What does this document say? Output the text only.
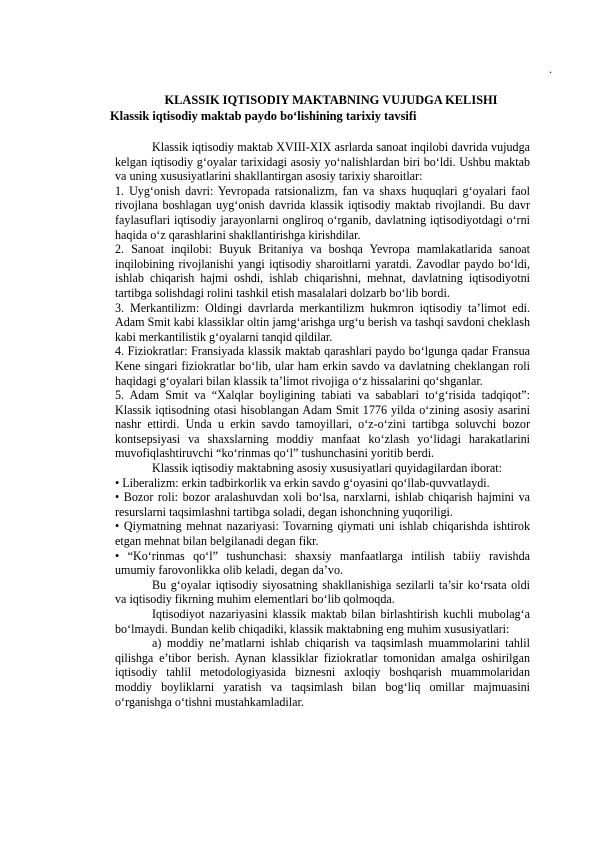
.
KLASSIK IQTISODIY MAKTABNING VUJUDGA KELISHI
Klassik iqtisodiy maktab paydo bo‘lishining tarixiy tavsifi

Klassik iqtisodiy maktab XVIII-XIX asrlarda sanoat inqilobi davrida vujudga kelgan iqtisodiy g‘oyalar tarixidagi asosiy yo‘nalishlardan biri bo‘ldi. Ushbu maktab va uning xususiyatlarini shakllantirgan asosiy tarixiy sharoitlar:

1. Uyg‘onish davri: Yevropada ratsionalizm, fan va shaxs huquqlari g‘oyalari faol rivojlana boshlagan uyg‘onish davrida klassik iqtisodiy maktab rivojlandi. Bu davr faylasuflari iqtisodiy jarayonlarni ongliroq o‘rganib, davlatning iqtisodiyotdagi o‘rni haqida o‘z qarashlarini shakllantirishga kirishdilar.

2. Sanoat inqilobi: Buyuk Britaniya va boshqa Yevropa mamlakatlarida sanoat inqilobining rivojlanishi yangi iqtisodiy sharoitlarni yaratdi. Zavodlar paydo bo‘ldi, ishlab chiqarish hajmi oshdi, ishlab chiqarishni, mehnat, davlatning iqtisodiyotni tartibga solishdagi rolini tashkil etish masalalari dolzarb bo‘lib bordi.

3. Merkantilizm: Oldingi davrlarda merkantilizm hukmron iqtisodiy ta’limot edi. Adam Smit kabi klassiklar oltin jamg‘arishga urg‘u berish va tashqi savdoni cheklash kabi merkantilistik g‘oyalarni tanqid qildilar.

4. Fiziokratlar: Fransiyada klassik maktab qarashlari paydo bo‘lgunga qadar Fransua Kene singari fiziokratlar bo‘lib, ular ham erkin savdo va davlatning cheklangan roli haqidagi g‘oyalari bilan klassik ta’limot rivojiga o‘z hissalarini qo‘shganlar.

5. Adam Smit va “Xalqlar boyligining tabiati va sabablari to‘g‘risida tadqiqot”: Klassik iqtisodning otasi hisoblangan Adam Smit 1776 yilda o‘zining asosiy asarini nashr ettirdi. Unda u erkin savdo tamoyillari, o‘z-o‘zini tartibga soluvchi bozor kontsepsiyasi va shaxslarning moddiy manfaat ko‘zlash yo‘lidagi harakatlarini muvofiqlashtiruvchi “ko‘rinmas qo‘l” tushunchasini yoritib berdi.

Klassik iqtisodiy maktabning asosiy xususiyatlari quyidagilardan iborat:

• Liberalizm: erkin tadbirkorlik va erkin savdo g‘oyasini qo‘llab-quvvatlaydi.

• Bozor roli: bozor aralashuvdan xoli bo‘lsa, narxlarni, ishlab chiqarish hajmini va resurslarni taqsimlashni tartibga soladi, degan ishonchning yuqoriligi.

• Qiymatning mehnat nazariyasi: Tovarning qiymati uni ishlab chiqarishda ishtirok etgan mehnat bilan belgilanadi degan fikr.

• “Ko‘rinmas qo‘l” tushunchasi: shaxsiy manfaatlarga intilish tabiiy ravishda umumiy farovonlikka olib keladi, degan da’vo.

Bu g‘oyalar iqtisodiy siyosatning shakllanishiga sezilarli ta’sir ko‘rsata oldi va iqtisodiy fikrning muhim elementlari bo‘lib qolmoqda.

Iqtisodiyot nazariyasini klassik maktab bilan birlashtirish kuchli mubolag‘a bo‘lmaydi. Bundan kelib chiqadiki, klassik maktabning eng muhim xususiyatlari:

a) moddiy ne’matlarni ishlab chiqarish va taqsimlash muammolarini tahlil qilishga e’tibor berish. Aynan klassiklar fiziokratlar tomonidan amalga oshirilgan iqtisodiy tahlil metodologiyasida biznesni axloqiy boshqarish muammolaridan moddiy boyliklarni yaratish va taqsimlash bilan bog‘liq omillar majmuasini o‘rganishga o‘tishni mustahkamladilar.
